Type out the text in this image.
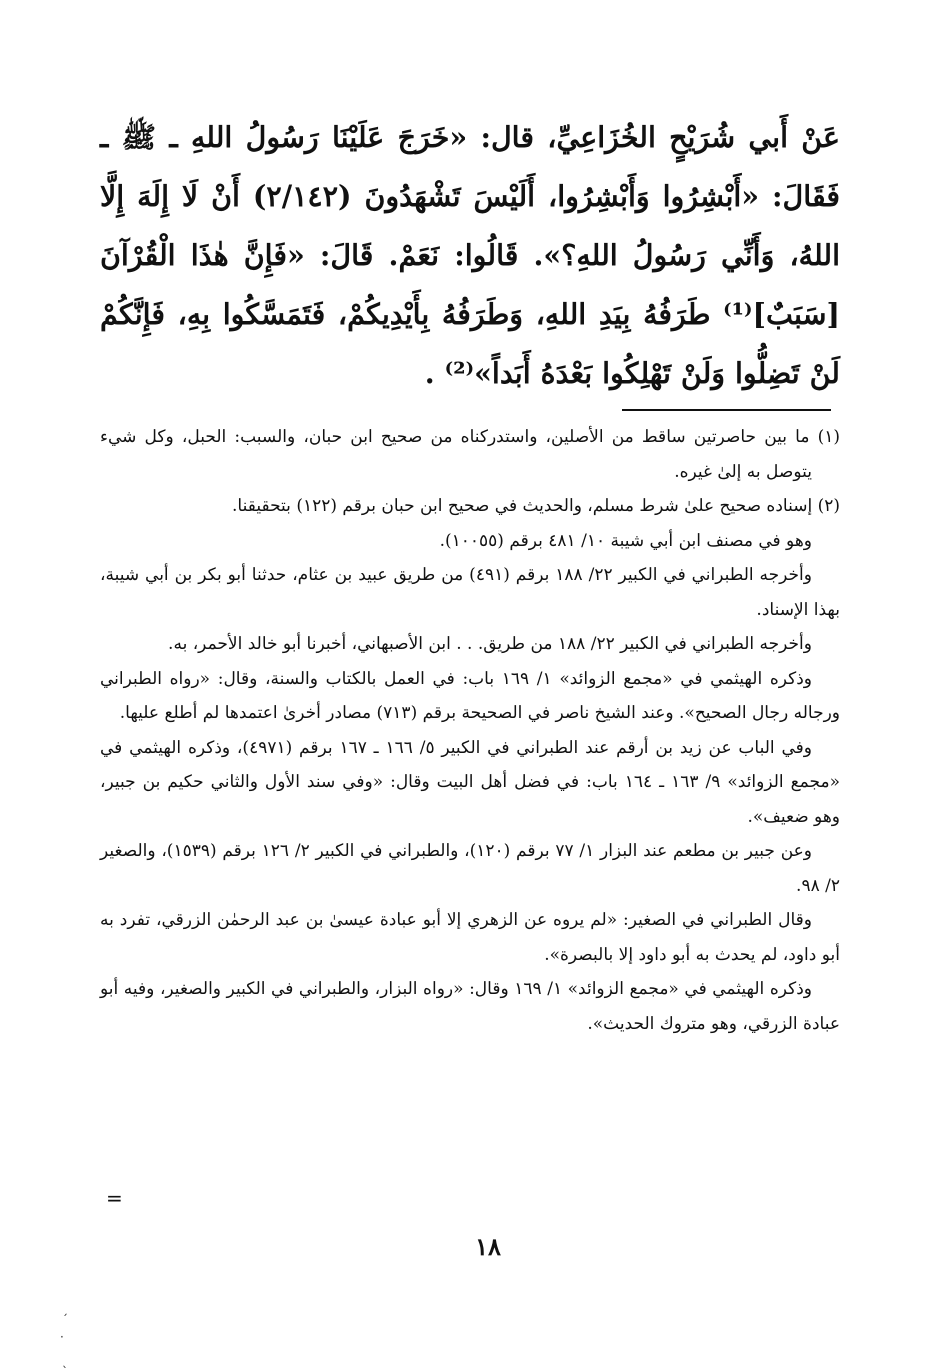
عَنْ أَبي شُرَيْحٍ الخُزَاعِيِّ، قال: «خَرَجَ عَلَيْنَا رَسُولُ اللهِ ـ ﷺ ـ فَقَالَ: «أَبْشِرُوا وَأَبْشِرُوا، أَلَيْسَ تَشْهَدُونَ (٢/١٤٢) أَنْ لَا إِلَهَ إِلَّا اللهُ، وَأَنِّي رَسُولُ اللهِ؟». قَالُوا: نَعَمْ. قَالَ: «فَإِنَّ هٰذَا الْقُرْآنَ [سَبَبٌ]⁽¹⁾ طَرَفُهُ بِيَدِ اللهِ، وَطَرَفُهُ بِأَيْدِيكُمْ، فَتَمَسَّكُوا بِهِ، فَإِنَّكُمْ لَنْ تَضِلُّوا وَلَنْ تَهْلِكُوا بَعْدَهُ أَبَداً»⁽²⁾ .

(١) ما بين حاصرتين ساقط من الأصلين، واستدركناه من صحيح ابن حبان، والسبب: الحبل، وكل شيء يتوصل به إلىٰ غيره.

(٢) إسناده صحيح علىٰ شرط مسلم، والحديث في صحيح ابن حبان برقم (١٢٢) بتحقيقنا.

وهو في مصنف ابن أبي شيبة ١٠/ ٤٨١ برقم (١٠٠٥٥).

وأخرجه الطبراني في الكبير ٢٢/ ١٨٨ برقم (٤٩١) من طريق عبيد بن عثام، حدثنا أبو بكر بن أبي شيبة، بهذا الإسناد.

وأخرجه الطبراني في الكبير ٢٢/ ١٨٨ من طريق. . . ابن الأصبهاني، أخبرنا أبو خالد الأحمر، به.

وذكره الهيثمي في «مجمع الزوائد» ١/ ١٦٩ باب: في العمل بالكتاب والسنة، وقال: «رواه الطبراني ورجاله رجال الصحيح». وعند الشيخ ناصر في الصحيحة برقم (٧١٣) مصادر أخرىٰ اعتمدها لم أطلع عليها.

وفي الباب عن زيد بن أرقم عند الطبراني في الكبير ٥/ ١٦٦ ـ ١٦٧ برقم (٤٩٧١)، وذكره الهيثمي في «مجمع الزوائد» ٩/ ١٦٣ ـ ١٦٤ باب: في فضل أهل البيت وقال: «وفي سند الأول والثاني حكيم بن جبير، وهو ضعيف».

وعن جبير بن مطعم عند البزار ١/ ٧٧ برقم (١٢٠)، والطبراني في الكبير ٢/ ١٢٦ برقم (١٥٣٩)، والصغير ٢/ ٩٨.

وقال الطبراني في الصغير: «لم يروه عن الزهري إلا أبو عبادة عيسىٰ بن عبد الرحمٰن الزرقي، تفرد به أبو داود، لم يحدث به أبو داود إلا بالبصرة».

وذكره الهيثمي في «مجمع الزوائد» ١/ ١٦٩ وقال: «رواه البزار، والطبراني في الكبير والصغير، وفيه أبو عبادة الزرقي، وهو متروك الحديث».

=
١٨
ˏ
·
ˎ
